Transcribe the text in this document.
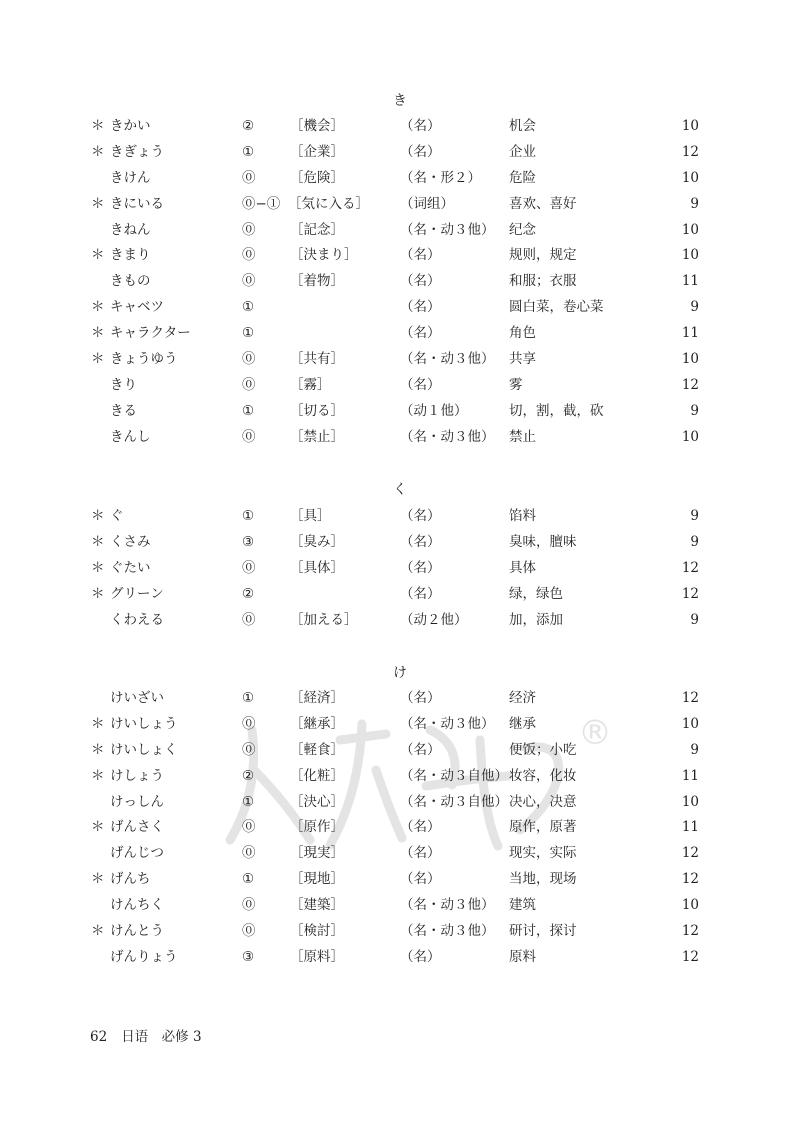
き
＊ きかい	②	［機会］	（名）	机会	10
＊ きぎょう	①	［企業］	（名）	企业	12
きけん	⓪	［危険］	（名・形２） 危险	10
＊ きにいる	⓪−① ［気に入る］ （词组）	喜欢、喜好	9
きねん	⓪	［記念］	（名・动３他） 纪念	10
＊ きまり	⓪	［決まり］	（名）	规则，规定	10
きもの	⓪	［着物］	（名）	和服；衣服	11
＊ キャベツ	①	（名）	圆白菜，卷心菜	9
＊ キャラクター	①	（名）	角色	11
＊ きょうゆう	⓪	［共有］	（名・动３他） 共享	10
きり	⓪	［霧］	（名）	雾	12
きる	①	［切る］	（动１他）	切，割，截，砍	9
きんし	⓪	［禁止］	（名・动３他） 禁止	10
く
＊ ぐ	①	［具］	（名）	馅料	9
＊ くさみ	③	［臭み］	（名）	臭味，膻味	9
＊ ぐたい	⓪	［具体］	（名）	具体	12
＊ グリーン	②	（名）	绿，绿色	12
くわえる	⓪	［加える］	（动２他）	加，添加	9
®
け
けいざい	①	［経済］	（名）	经济	12
＊ けいしょう	⓪	［継承］	（名・动３他） 继承	10
＊ けいしょく	⓪	［軽食］	（名）	便饭；小吃	9
＊ けしょう	②	［化粧］	（名・动３自他） 妆容，化妆	11
けっしん	①	［決心］	（名・动３自他） 决心，决意	10
＊ げんさく	⓪	［原作］	（名）	原作，原著	11
げんじつ	⓪	［現実］	（名）	现实，实际	12
＊ げんち	①	［現地］	（名）	当地，现场	12
けんちく	⓪	［建築］	（名・动３他） 建筑	10
＊ けんとう	⓪	［検討］	（名・动３他） 研讨，探讨	12
げんりょう	③	［原料］	（名）	原料	12
62 日语　必修 3
